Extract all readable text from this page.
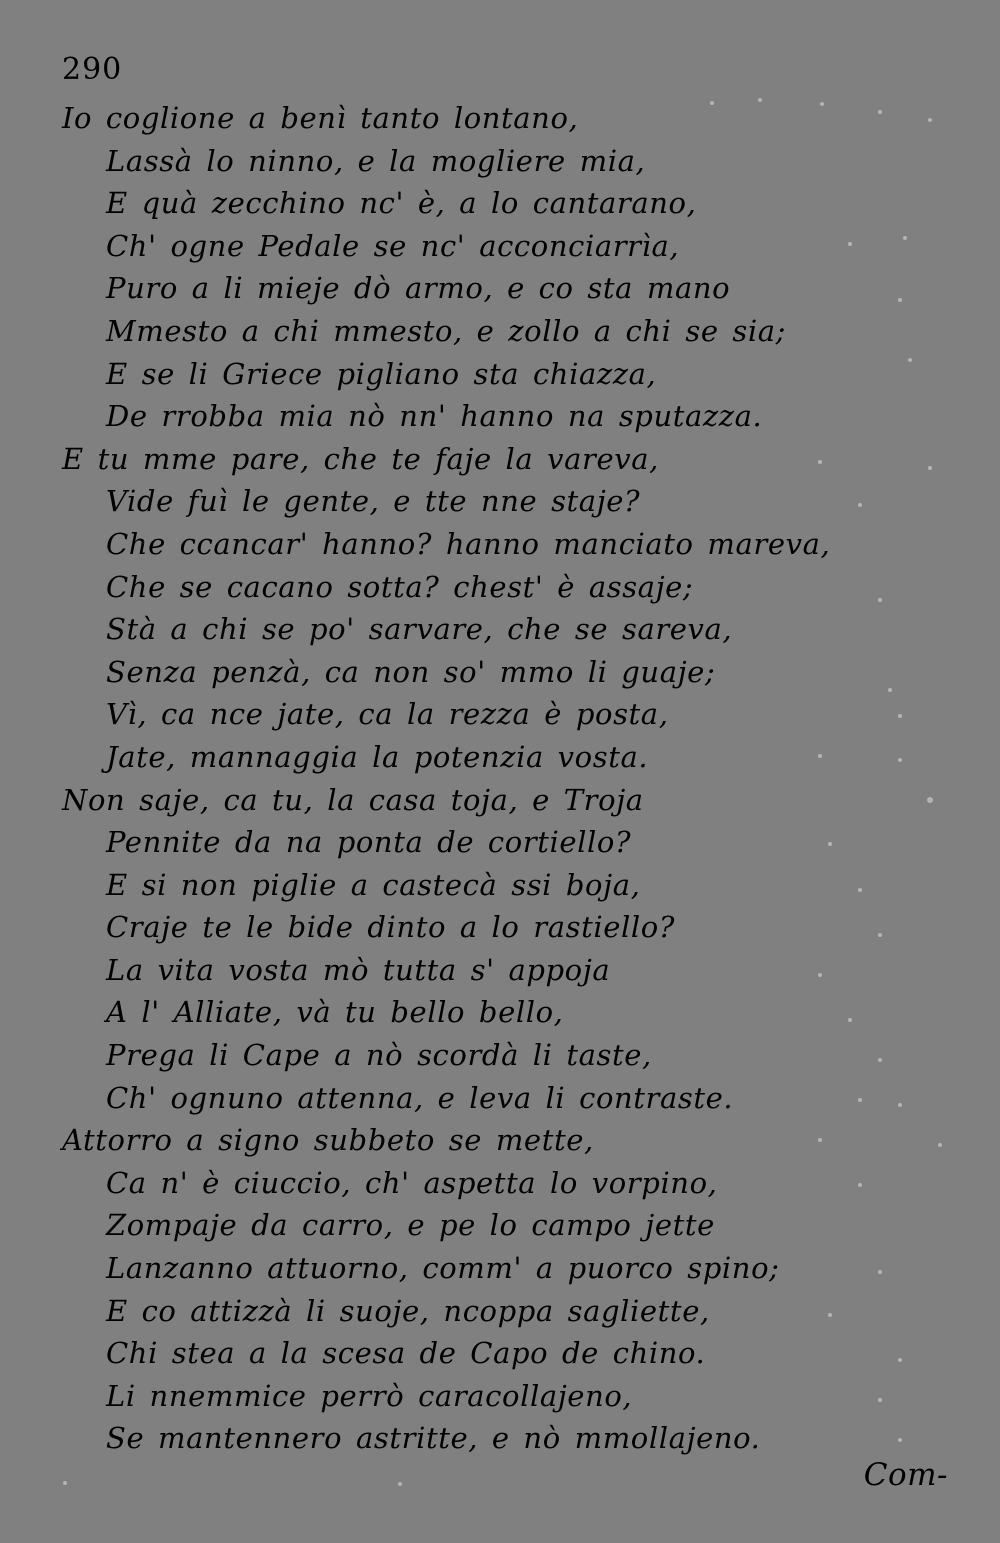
290
Io coglione a benì tanto lontano,
Lassà lo ninno, e la mogliere mia,
E quà zecchino nc' è, a lo cantarano,
Ch' ogne Pedale se nc' acconciarrìa,
Puro a li mieje dò armo, e co sta mano
Mmesto a chi mmesto, e zollo a chi se sia;
E se li Griece pigliano sta chiazza,
De rrobba mia nò nn' hanno na sputazza.
E tu mme pare, che te faje la vareva,
Vide fuì le gente, e tte nne staje?
Che ccancar' hanno? hanno manciato mareva,
Che se cacano sotta? chest' è assaje;
Stà a chi se po' sarvare, che se sareva,
Senza penzà, ca non so' mmo li guaje;
Vì, ca nce jate, ca la rezza è posta,
Jate, mannaggia la potenzia vosta.
Non saje, ca tu, la casa toja, e Troja
Pennite da na ponta de cortiello?
E si non piglie a castecà ssi boja,
Craje te le bide dinto a lo rastiello?
La vita vosta mò tutta s' appoja
A l' Alliate, và tu bello bello,
Prega li Cape a nò scordà li taste,
Ch' ognuno attenna, e leva li contraste.
Attorro a signo subbeto se mette,
Ca n' è ciuccio, ch' aspetta lo vorpino,
Zompaje da carro, e pe lo campo jette
Lanzanno attuorno, comm' a puorco spino;
E co attizzà li suoje, ncoppa sagliette,
Chi stea a la scesa de Capo de chino.
Li nnemmice perrò caracollajeno,
Se mantennero astritte, e nò mmollajeno.
Com-
